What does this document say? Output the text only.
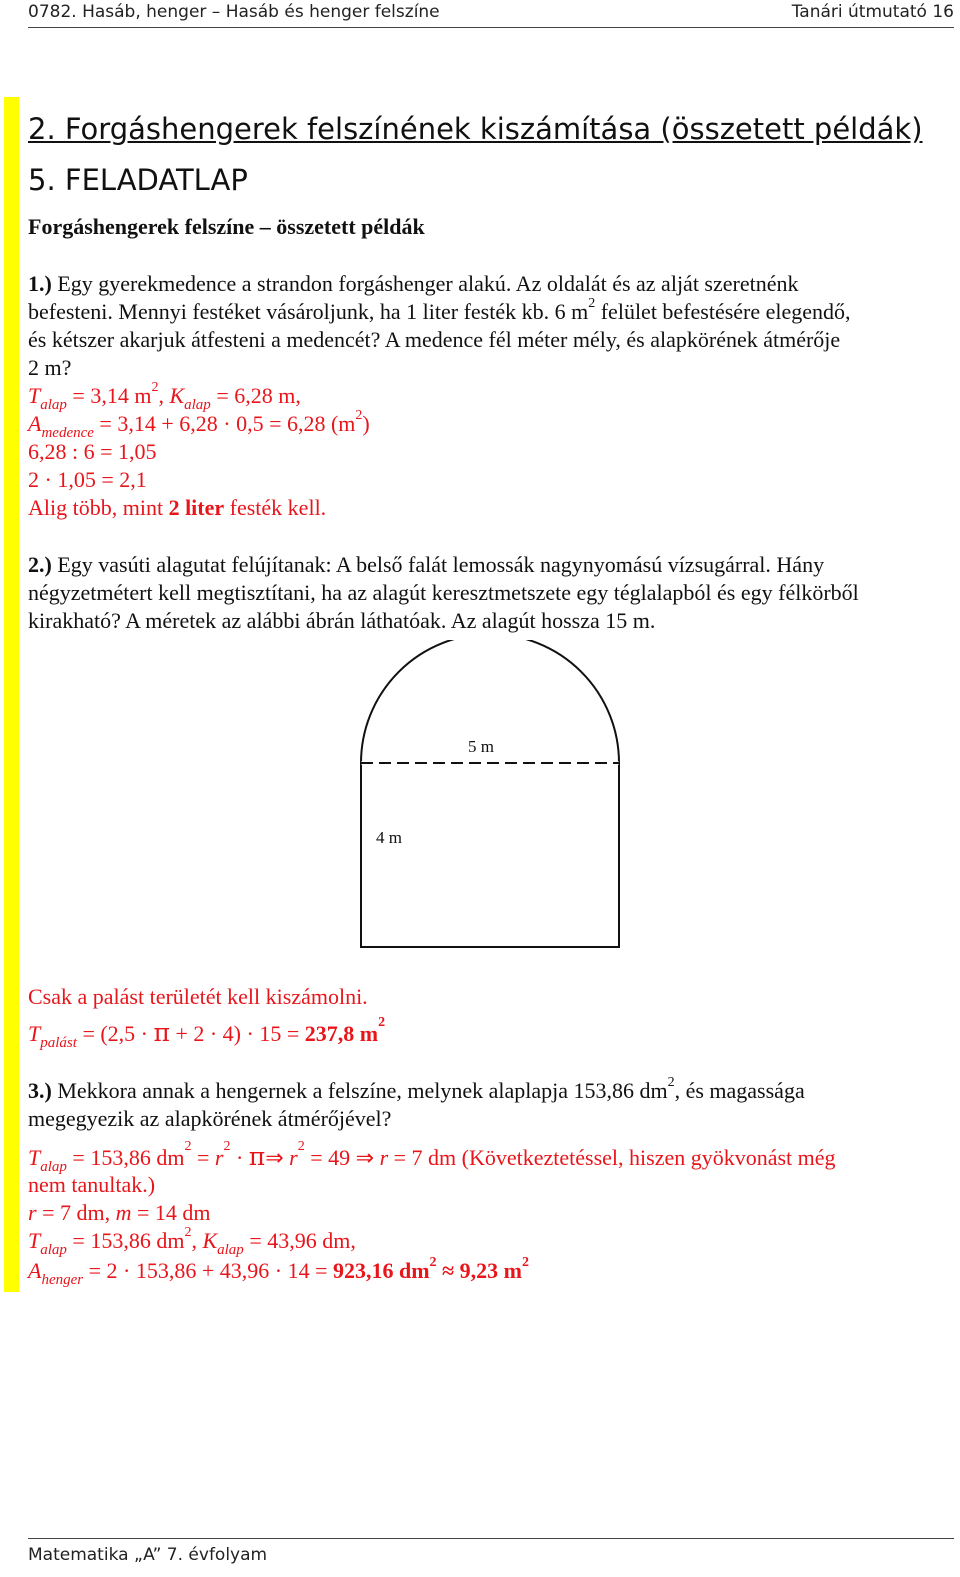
0782. Hasáb, henger – Hasáb és henger felszíne	Tanári útmutató 16
2. Forgáshengerek felszínének kiszámítása (összetett példák)
5. FELADATLAP
Forgáshengerek felszíne – összetett példák
1.) Egy gyerekmedence a strandon forgáshenger alakú. Az oldalát és az alját szeretnénk
befesteni. Mennyi festéket vásároljunk, ha 1 liter festék kb. 6 $m^2$ felület befestésére elegendő,
és kétszer akarjuk átfesteni a medencét? A medence fél méter mély, és alapkörének átmérője
2 m?
$T_{alap} = 3,14$ $m^2$, $K_{alap} = 6,28$ m,
$A_{medence} = 3,14 + 6,28 \cdot 0,5 = 6,28$ $(m^2)$
6,28 : 6 = 1,05
2 · 1,05 = 2,1
Alig több, mint 2 liter festék kell.
2.) Egy vasúti alagutat felújítanak: A belső falát lemossák nagynyomású vízsugárral. Hány
négyzetmétert kell megtisztítani, ha az alagút keresztmetszete egy téglalapból és egy félkörből
kirakható? A méretek az alábbi ábrán láthatóak. Az alagút hossza 15 m.
5 m
4 m
Csak a palást területét kell kiszámolni.
$T_{palást} = (2,5 \cdot \pi + 2 \cdot 4) \cdot 15 = 237,8$ $m^2$
3.) Mekkora annak a hengernek a felszíne, melynek alaplapja 153,86 $dm^2$, és magassága
megegyezik az alapkörének átmérőjével?
$T_{alap} = 153,86$ $dm^2 = r^2$ · π⇒ $r^2 = 49$ ⇒ r = 7 dm (Következtetéssel, hiszen gyökvonást még
nem tanultak.)
r = 7 dm, m = 14 dm
$T_{alap} = 153,86$ $dm^2$, $K_{alap} = 43,96$ dm,
$A_{henger} = 2 \cdot 153,86 + 43,96 \cdot 14 = 923,16$ $dm^2 \approx 9,23$ $m^2$
Matematika „A” 7. évfolyam
